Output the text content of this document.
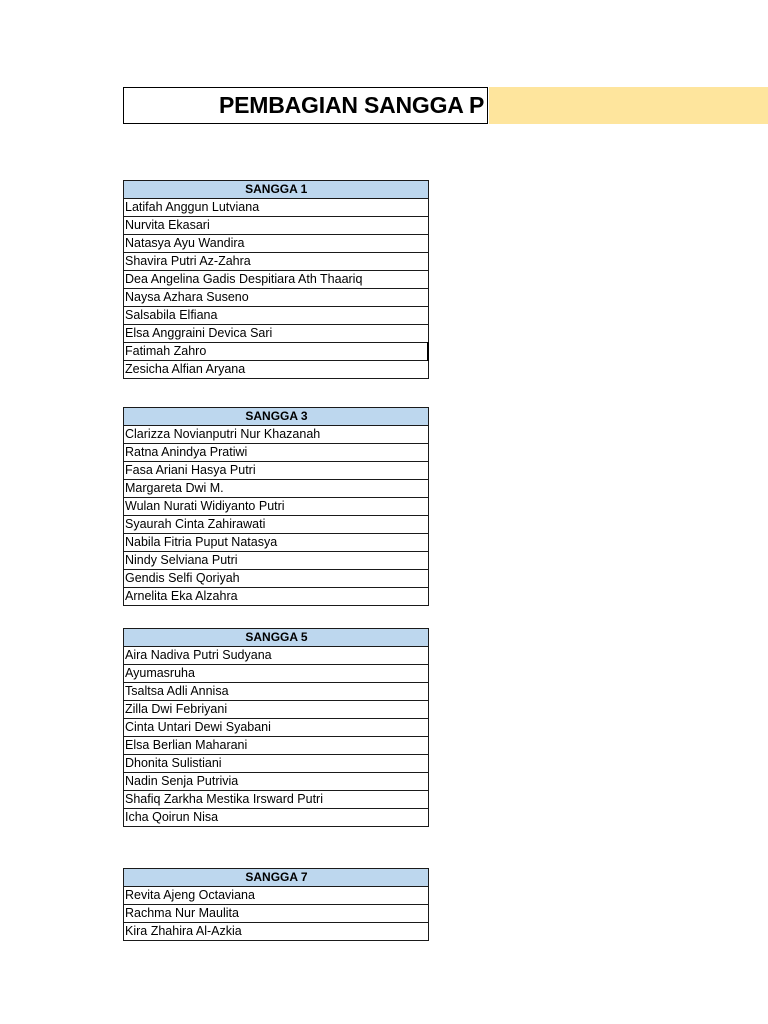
PEMBAGIAN SANGGA P
SANGGA 1
Latifah Anggun Lutviana
Nurvita Ekasari
Natasya Ayu Wandira
Shavira Putri Az-Zahra
Dea Angelina Gadis Despitiara Ath Thaariq
Naysa Azhara Suseno
Salsabila Elfiana
Elsa Anggraini Devica Sari
Fatimah Zahro
Zesicha Alfian Aryana
SANGGA 3
Clarizza Novianputri Nur Khazanah
Ratna Anindya Pratiwi
Fasa Ariani Hasya Putri
Margareta Dwi M.
Wulan Nurati Widiyanto Putri
Syaurah Cinta Zahirawati
Nabila Fitria Puput Natasya
Nindy Selviana Putri
Gendis Selfi Qoriyah
Arnelita Eka Alzahra
SANGGA 5
Aira Nadiva Putri Sudyana
Ayumasruha
Tsaltsa Adli Annisa
Zilla Dwi Febriyani
Cinta Untari Dewi Syabani
Elsa Berlian Maharani
Dhonita Sulistiani
Nadin Senja Putrivia
Shafiq Zarkha Mestika Irsward Putri
Icha Qoirun Nisa
SANGGA 7
Revita Ajeng Octaviana
Rachma Nur Maulita
Kira Zhahira Al-Azkia
